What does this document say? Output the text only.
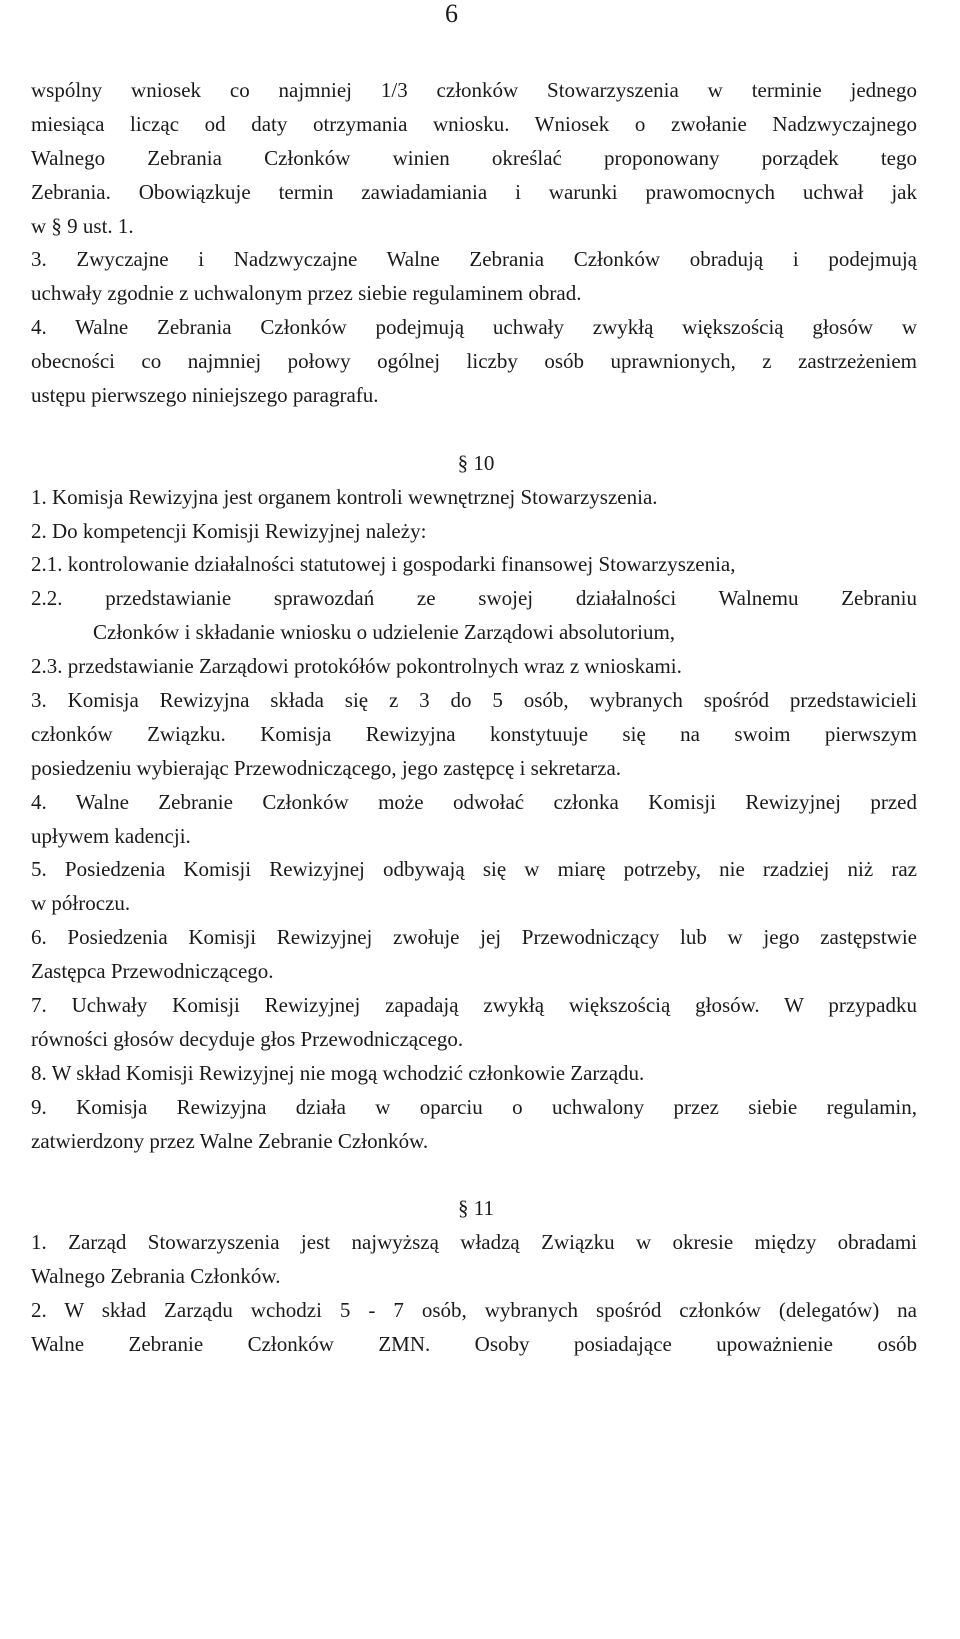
6
wspólny wniosek co najmniej 1/3 członków Stowarzyszenia w terminie jednego
miesiąca licząc od daty otrzymania wniosku. Wniosek o zwołanie Nadzwyczajnego
Walnego Zebrania Członków winien określać proponowany porządek tego
Zebrania. Obowiązkuje termin zawiadamiania i warunki prawomocnych uchwał jak
w § 9 ust. 1.
3. Zwyczajne i Nadzwyczajne Walne Zebrania Członków obradują i podejmują
uchwały zgodnie z uchwalonym przez siebie regulaminem obrad.
4. Walne Zebrania Członków podejmują uchwały zwykłą większością głosów w
obecności co najmniej połowy ogólnej liczby osób uprawnionych, z zastrzeżeniem
ustępu pierwszego niniejszego paragrafu.
§ 10
1. Komisja Rewizyjna jest organem kontroli wewnętrznej Stowarzyszenia.
2. Do kompetencji Komisji Rewizyjnej należy:
2.1. kontrolowanie działalności statutowej i gospodarki finansowej Stowarzyszenia,
2.2. przedstawianie sprawozdań ze swojej działalności Walnemu Zebraniu
Członków i składanie wniosku o udzielenie Zarządowi absolutorium,
2.3. przedstawianie Zarządowi protokółów pokontrolnych wraz z wnioskami.
3. Komisja Rewizyjna składa się z 3 do 5 osób, wybranych spośród przedstawicieli
członków Związku. Komisja Rewizyjna konstytuuje się na swoim pierwszym
posiedzeniu wybierając Przewodniczącego, jego zastępcę i sekretarza.
4. Walne Zebranie Członków może odwołać członka Komisji Rewizyjnej przed
upływem kadencji.
5. Posiedzenia Komisji Rewizyjnej odbywają się w miarę potrzeby, nie rzadziej niż raz
w półroczu.
6. Posiedzenia Komisji Rewizyjnej zwołuje jej Przewodniczący lub w jego zastępstwie
Zastępca Przewodniczącego.
7. Uchwały Komisji Rewizyjnej zapadają zwykłą większością głosów. W przypadku
równości głosów decyduje głos Przewodniczącego.
8. W skład Komisji Rewizyjnej nie mogą wchodzić członkowie Zarządu.
9. Komisja Rewizyjna działa w oparciu o uchwalony przez siebie regulamin,
zatwierdzony przez Walne Zebranie Członków.
§ 11
1. Zarząd Stowarzyszenia jest najwyższą władzą Związku w okresie między obradami
Walnego Zebrania Członków.
2. W skład Zarządu wchodzi 5 - 7 osób, wybranych spośród członków (delegatów) na
Walne Zebranie Członków ZMN. Osoby posiadające upoważnienie osób
